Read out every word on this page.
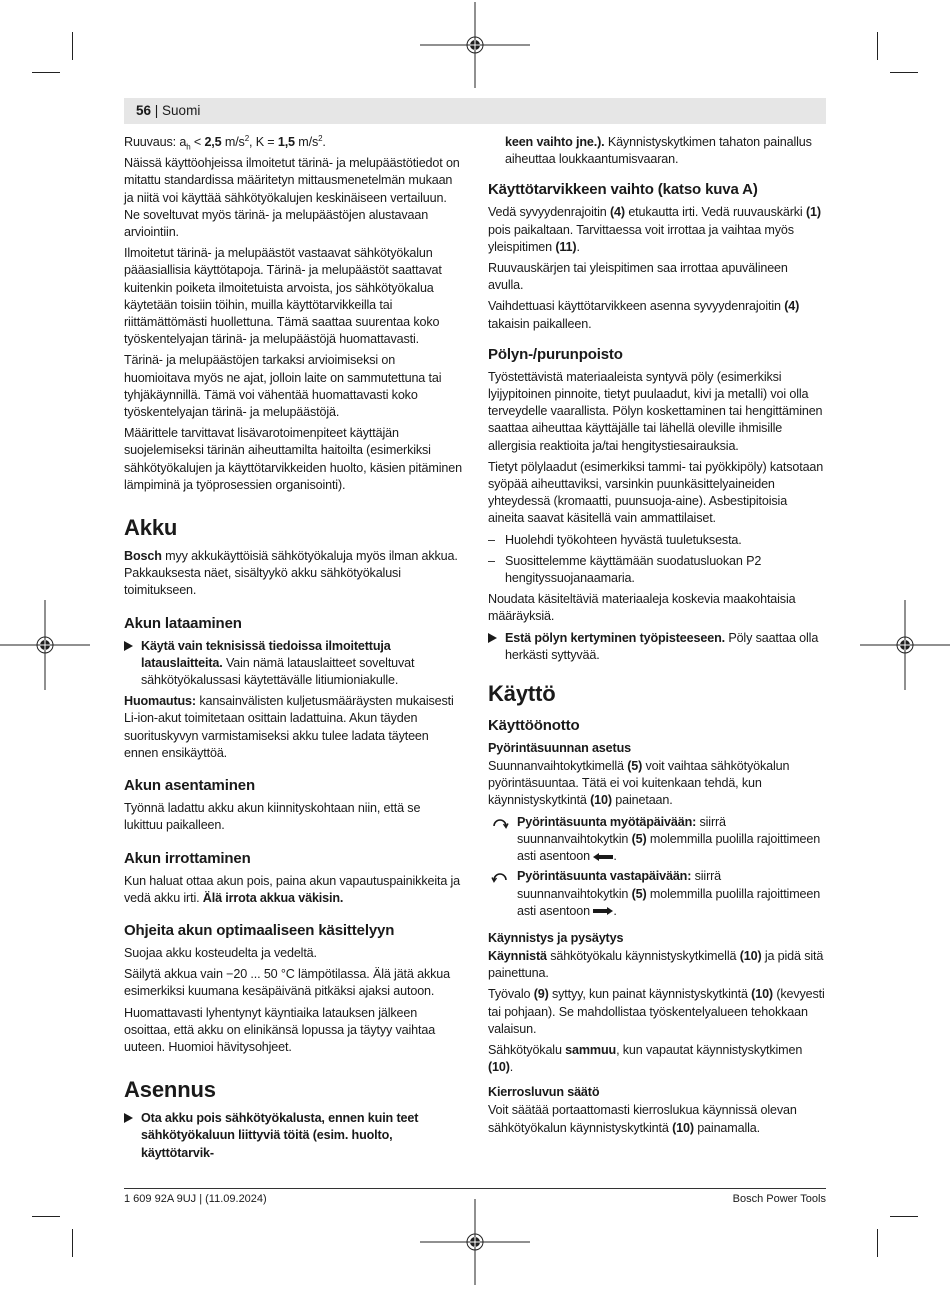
56 | Suomi

Ruuvaus: $a_h < 2,5$ $m/s^2$, K = 1,5 $m/s^2$.

Näissä käyttöohjeissa ilmoitetut tärinä- ja melupäästötiedot on mitattu standardissa määritetyn mittausmenetelmän mukaan ja niitä voi käyttää sähkötyökalujen keskinäiseen vertailuun. Ne soveltuvat myös tärinä- ja melupäästöjen alustavaan arviointiin.

Ilmoitetut tärinä- ja melupäästöt vastaavat sähkötyökalun pääasiallisia käyttötapoja. Tärinä- ja melupäästöt saattavat kuitenkin poiketa ilmoitetuista arvoista, jos sähkötyökalua käytetään toisiin töihin, muilla käyttötarvikkeilla tai riittämättömästi huollettuna. Tämä saattaa suurentaa koko työskentelyajan tärinä- ja melupäästöjä huomattavasti.

Tärinä- ja melupäästöjen tarkaksi arvioimiseksi on huomioitava myös ne ajat, jolloin laite on sammutettuna tai tyhjäkäynnillä. Tämä voi vähentää huomattavasti koko työskentelyajan tärinä- ja melupäästöjä.

Määrittele tarvittavat lisävarotoimenpiteet käyttäjän suojelemiseksi tärinän aiheuttamilta haitoilta (esimerkiksi sähkötyökalujen ja käyttötarvikkeiden huolto, käsien pitäminen lämpiminä ja työprosessien organisointi).

Akku

Bosch myy akkukäyttöisiä sähkötyökaluja myös ilman akkua. Pakkauksesta näet, sisältyykö akku sähkötyökalusi toimitukseen.

Akun lataaminen
Käytä vain teknisissä tiedoissa ilmoitettuja latauslaitteita. Vain nämä latauslaitteet soveltuvat sähkötyökalussasi käytettävälle litiumioniakulle.

Huomautus: kansainvälisten kuljetusmääräysten mukaisesti Li-ion-akut toimitetaan osittain ladattuina. Akun täyden suorituskyvyn varmistamiseksi akku tulee ladata täyteen ennen ensikäyttöä.

Akun asentaminen

Työnnä ladattu akku akun kiinnityskohtaan niin, että se lukittuu paikalleen.

Akun irrottaminen

Kun haluat ottaa akun pois, paina akun vapautuspainikkeita ja vedä akku irti. Älä irrota akkua väkisin.

Ohjeita akun optimaaliseen käsittelyyn

Suojaa akku kosteudelta ja vedeltä.

Säilytä akkua vain −20 ... 50 °C lämpötilassa. Älä jätä akkua esimerkiksi kuumana kesäpäivänä pitkäksi ajaksi autoon.

Huomattavasti lyhentynyt käyntiaika latauksen jälkeen osoittaa, että akku on elinikänsä lopussa ja täytyy vaihtaa uuteen. Huomioi hävitysohjeet.

Asennus
Ota akku pois sähkötyökalusta, ennen kuin teet sähkötyökaluun liittyviä töitä (esim. huolto, käyttötarvik-

keen vaihto jne.). Käynnistyskytkimen tahaton painallus aiheuttaa loukkaantumisvaaran.

Käyttötarvikkeen vaihto (katso kuva A)

Vedä syvyydenrajoitin (4) etukautta irti. Vedä ruuvauskärki (1) pois paikaltaan. Tarvittaessa voit irrottaa ja vaihtaa myös yleispitimen (11).

Ruuvauskärjen tai yleispitimen saa irrottaa apuvälineen avulla.

Vaihdettuasi käyttötarvikkeen asenna syvyydenrajoitin (4) takaisin paikalleen.

Pölyn-/purunpoisto

Työstettävistä materiaaleista syntyvä pöly (esimerkiksi lyijypitoinen pinnoite, tietyt puulaadut, kivi ja metalli) voi olla terveydelle vaarallista. Pölyn koskettaminen tai hengittäminen saattaa aiheuttaa käyttäjälle tai lähellä oleville ihmisille allergisia reaktioita ja/tai hengitystiesairauksia.

Tietyt pölylaadut (esimerkiksi tammi- tai pyökkipöly) katsotaan syöpää aiheuttaviksi, varsinkin puunkäsittelyaineiden yhteydessä (kromaatti, puunsuoja-aine). Asbestipitoisia aineita saavat käsitellä vain ammattilaiset.

– Huolehdi työkohteen hyvästä tuuletuksesta.
– Suosittelemme käyttämään suodatusluokan P2 hengityssuojanaamaria.

Noudata käsiteltäviä materiaaleja koskevia maakohtaisia määräyksiä.

Estä pölyn kertyminen työpisteeseen. Pöly saattaa olla herkästi syttyvää.
Käyttö
Käyttöönotto
Pyörintäsuunnan asetus

Suunnanvaihtokytkimellä (5) voit vaihtaa sähkötyökalun pyörintäsuuntaa. Tätä ei voi kuitenkaan tehdä, kun käynnistyskytkintä (10) painetaan.

Pyörintäsuunta myötäpäivään: siirrä suunnanvaihtokytkin (5) molemmilla puolilla rajoittimeen asti asentoon .
Pyörintäsuunta vastapäivään: siirrä suunnanvaihtokytkin (5) molemmilla puolilla rajoittimeen asti asentoon .
Käynnistys ja pysäytys

Käynnistä sähkötyökalu käynnistyskytkimellä (10) ja pidä sitä painettuna.

Työvalo (9) syttyy, kun painat käynnistyskytkintä (10) (kevyesti tai pohjaan). Se mahdollistaa työskentelyalueen tehokkaan valaisun.

Sähkötyökalu sammuu, kun vapautat käynnistyskytkimen (10).

Kierrosluvun säätö

Voit säätää portaattomasti kierroslukua käynnissä olevan sähkötyökalun käynnistyskytkintä (10) painamalla.

1 609 92A 9UJ | (11.09.2024)	Bosch Power Tools
